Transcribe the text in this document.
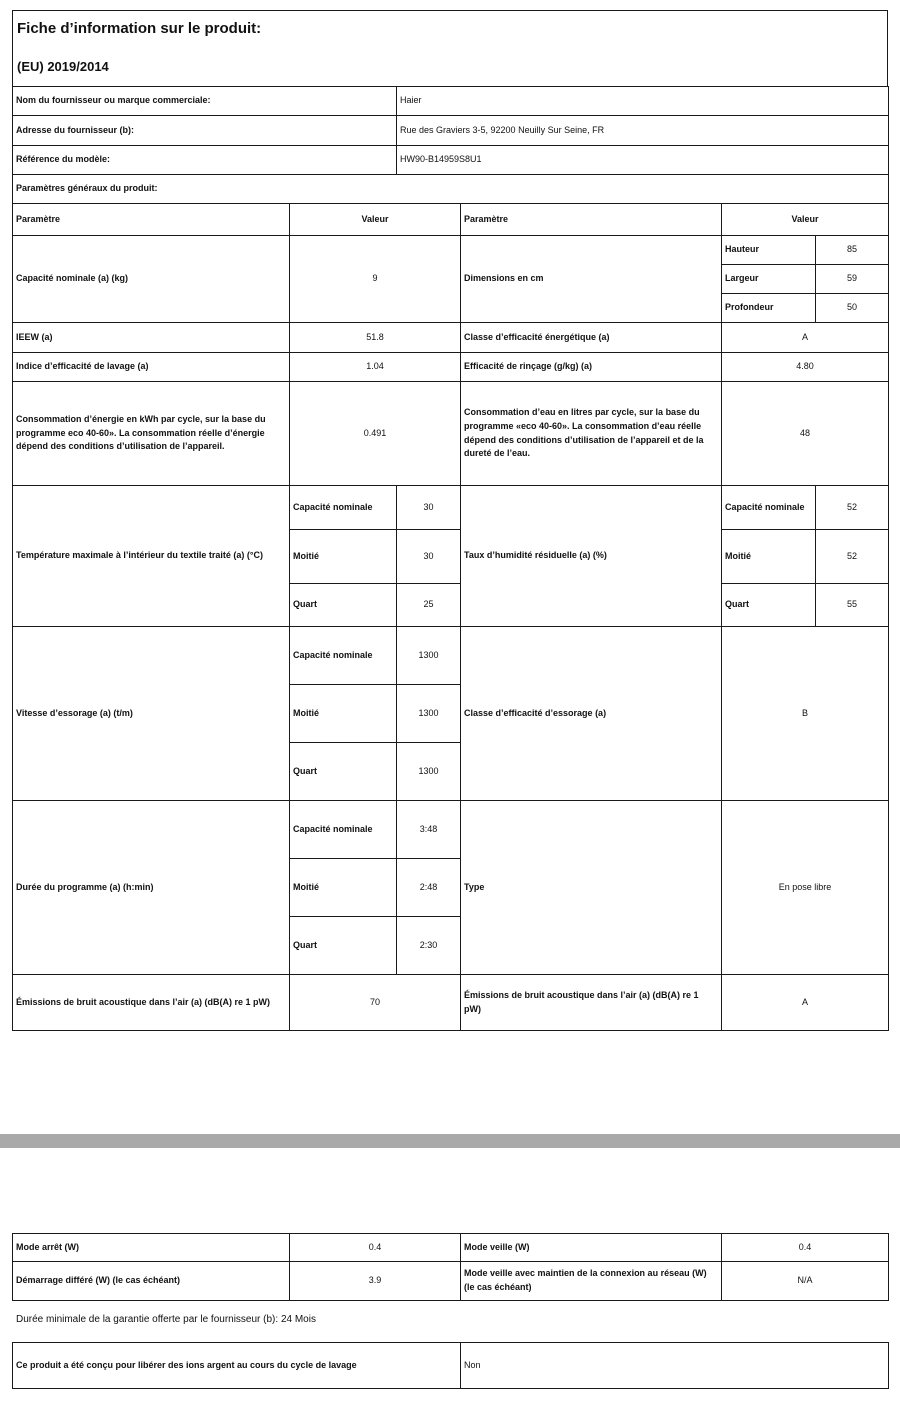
Fiche d’information sur le produit:
(EU) 2019/2014
Nom du fournisseur ou marque commerciale:	Haier
Adresse du fournisseur (b):	Rue des Graviers 3-5, 92200 Neuilly Sur Seine, FR
Référence du modèle:	HW90-B14959S8U1
Paramètres généraux du produit:	
Paramètre	Valeur		Paramètre	Valeur	
Capacité nominale (a) (kg)	9		Dimensions en cm	Hauteur	85
				Largeur	59
				Profondeur	50
IEEW (a)	51.8		Classe d’efficacité énergétique (a)	A	
Indice d’efficacité de lavage (a)	1.04		Efficacité de rinçage (g/kg) (a)	4.80	
Consommation d’énergie en kWh par cycle, sur la base du programme eco 40-60». La consommation réelle d’énergie dépend des conditions d’utilisation de l’appareil.	0.491		Consommation d’eau en litres par cycle, sur la base du programme «eco 40-60». La consommation d’eau réelle dépend des conditions d’utilisation de l’appareil et de la dureté de l’eau.	48	
Température maximale à l’intérieur du textile traité (a) (°C)	Capacité nominale	30	Taux d’humidité résiduelle (a) (%)	Capacité nominale	52
	Moitié	30		Moitié	52
	Quart	25		Quart	55
Vitesse d’essorage (a) (t/m)	Capacité nominale	1300	Classe d’efficacité d’essorage (a)	B	
	Moitié	1300			
	Quart	1300			
Durée du programme (a) (h:min)	Capacité nominale	3:48	Type	En pose libre	
	Moitié	2:48			
	Quart	2:30			
Émissions de bruit acoustique dans l’air (a) (dB(A) re 1 pW)	70		Émissions de bruit acoustique dans l’air (a) (dB(A) re 1 pW)	A	
Mode arrêt (W)	0.4	Mode veille (W)	0.4
Démarrage différé (W) (le cas échéant)	3.9	Mode veille avec maintien de la connexion au réseau (W) (le cas échéant)	N/A
Durée minimale de la garantie offerte par le fournisseur (b): 24 Mois
Ce produit a été conçu pour libérer des ions argent au cours du cycle de lavage	Non
